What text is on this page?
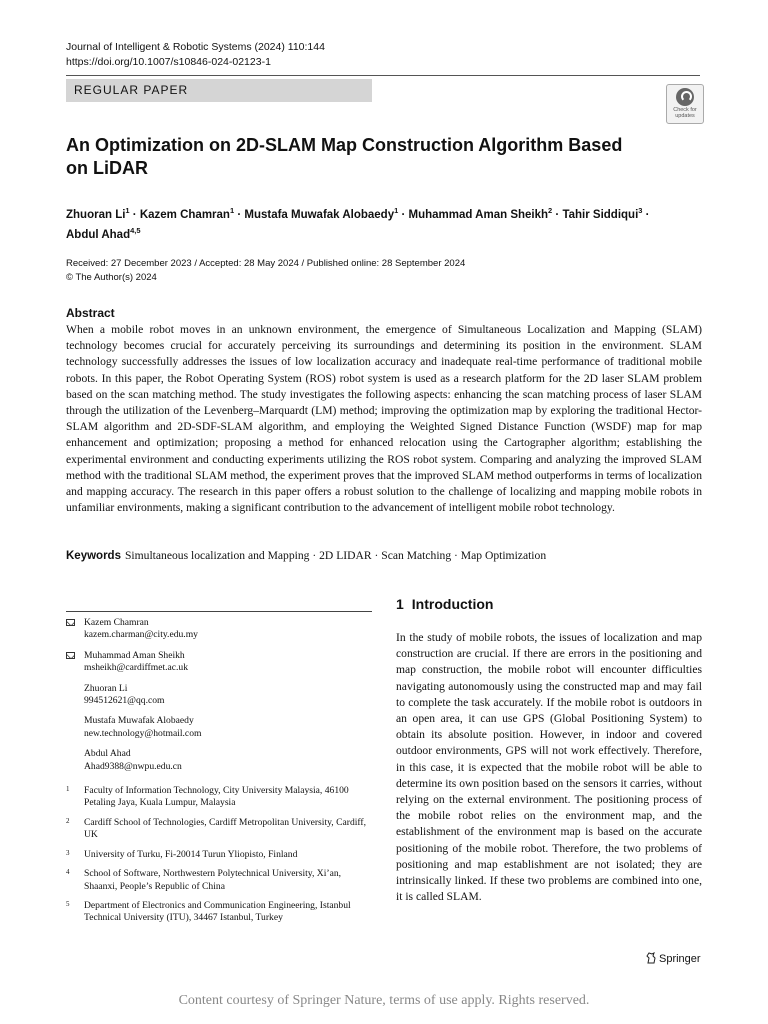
Journal of Intelligent & Robotic Systems (2024) 110:144
https://doi.org/10.1007/s10846-024-02123-1
REGULAR PAPER
Check for updates
An Optimization on 2D-SLAM Map Construction Algorithm Based on LiDAR
Zhuoran $Li^1$ · Kazem Chamran$^1$ · Mustafa Muwafak Alobaedy$^1$ · Muhammad Aman Sheikh$^2$ · Tahir Siddiqui$^3$ ·
Abdul Ahad$^{4,5}$
Received: 27 December 2023 / Accepted: 28 May 2024 / Published online: 28 September 2024
© The Author(s) 2024
Abstract
When a mobile robot moves in an unknown environment, the emergence of Simultaneous Localization and Mapping (SLAM) technology becomes crucial for accurately perceiving its surroundings and determining its position in the environment. SLAM technology successfully addresses the issues of low localization accuracy and inadequate real-time performance of traditional mobile robots. In this paper, the Robot Operating System (ROS) robot system is used as a research platform for the 2D laser SLAM problem based on the scan matching method. The study investigates the following aspects: enhancing the scan matching process of laser SLAM through the utilization of the Levenberg–Marquardt (LM) method; improving the optimization map by exploring the traditional Hector-SLAM algorithm and 2D-SDF-SLAM algorithm, and employing the Weighted Signed Distance Function (WSDF) map for map enhancement and optimization; proposing a method for enhanced relocation using the Cartographer algorithm; establishing the experimental environment and conducting experiments utilizing the ROS robot system. Comparing and analyzing the improved SLAM method with the traditional SLAM method, the experiment proves that the improved SLAM method outperforms in terms of localization and mapping accuracy. The research in this paper offers a robust solution to the challenge of localizing and mapping mobile robots in unfamiliar environments, making a significant contribution to the advancement of intelligent mobile robot technology.
Keywords Simultaneous localization and Mapping · 2D LIDAR · Scan Matching · Map Optimization
Kazem Chamran
kazem.charman@city.edu.my
Muhammad Aman Sheikh
msheikh@cardiffmet.ac.uk
Zhuoran Li
994512621@qq.com
Mustafa Muwafak Alobaedy
new.technology@hotmail.com
Abdul Ahad
Ahad9388@nwpu.edu.cn
1 Faculty of Information Technology, City University Malaysia, 46100 Petaling Jaya, Kuala Lumpur, Malaysia
2 Cardiff School of Technologies, Cardiff Metropolitan University, Cardiff, UK
3 University of Turku, Fi-20014 Turun Yliopisto, Finland
4 School of Software, Northwestern Polytechnical University, Xi’an, Shaanxi, People’s Republic of China
5 Department of Electronics and Communication Engineering, Istanbul Technical University (ITU), 34467 Istanbul, Turkey
1 Introduction
In the study of mobile robots, the issues of localization and map construction are crucial. If there are errors in the positioning and map construction, the mobile robot will encounter difficulties navigating autonomously using the constructed map and may fail to complete the task accurately. If the mobile robot is outdoors in an open area, it can use GPS (Global Positioning System) to obtain its absolute position. However, in indoor and covered outdoor environments, GPS will not work effectively. Therefore, in this case, it is expected that the mobile robot will be able to determine its own position based on the sensors it carries, without relying on the external environment. The positioning process of the mobile robot relies on the environment map, and the establishment of the environment map is based on the accurate positioning of the mobile robot. Therefore, the two problems of positioning and map establishment are not isolated; they are intrinsically linked. If these two problems are combined into one, it is called SLAM.
Springer
Content courtesy of Springer Nature, terms of use apply. Rights reserved.
